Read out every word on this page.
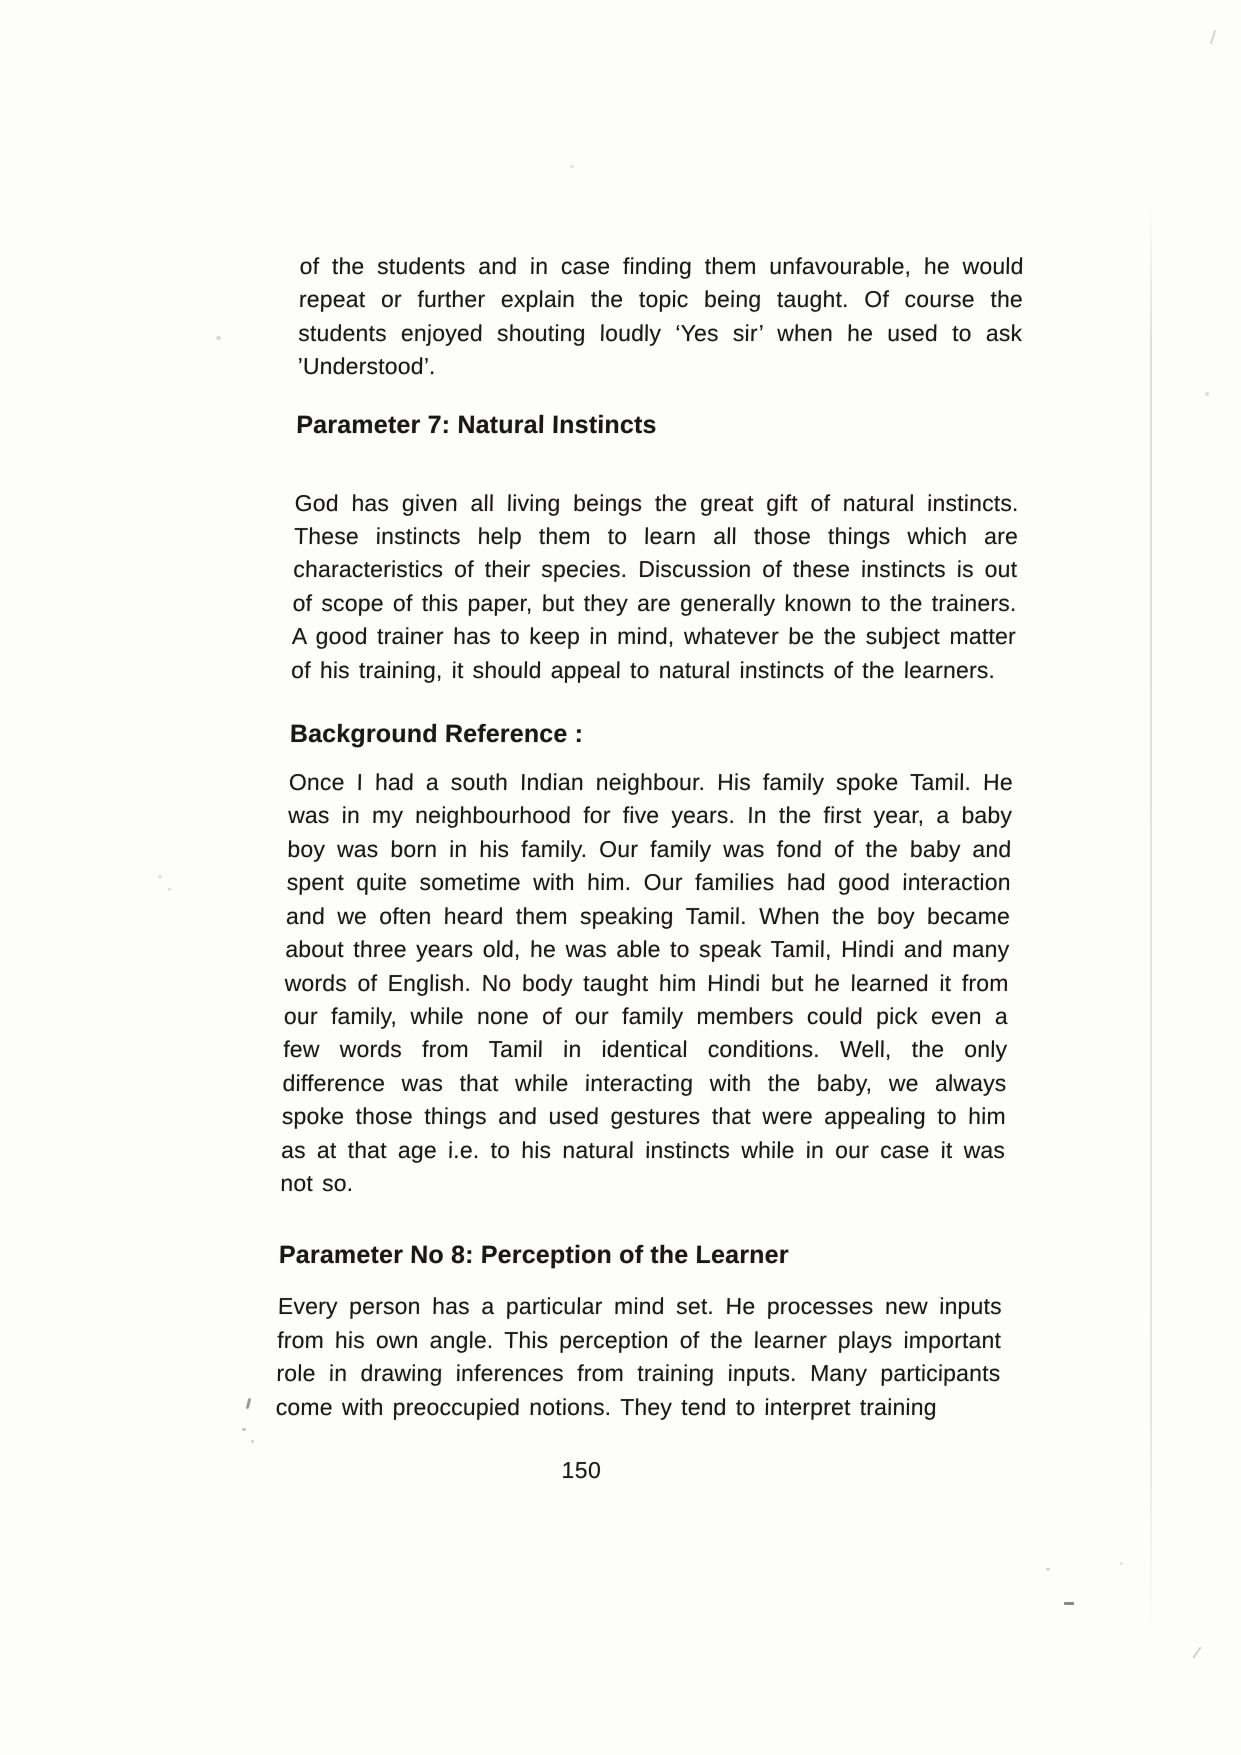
of the students and in case finding them unfavourable, he would repeat or further explain the topic being taught. Of course the students enjoyed shouting loudly ‘Yes sir’ when he used to ask ’Understood’.

Parameter 7: Natural Instincts

God has given all living beings the great gift of natural instincts. These instincts help them to learn all those things which are characteristics of their species. Discussion of these instincts is out of scope of this paper, but they are generally known to the trainers. A good trainer has to keep in mind, whatever be the subject matter of his training, it should appeal to natural instincts of the learners.

Background Reference :

Once I had a south Indian neighbour. His family spoke Tamil. He was in my neighbourhood for five years. In the first year, a baby boy was born in his family. Our family was fond of the baby and spent quite sometime with him. Our families had good interaction and we often heard them speaking Tamil. When the boy became about three years old, he was able to speak Tamil, Hindi and many words of English. No body taught him Hindi but he learned it from our family, while none of our family members could pick even a few words from Tamil in identical conditions. Well, the only difference was that while interacting with the baby, we always spoke those things and used gestures that were appealing to him as at that age i.e. to his natural instincts while in our case it was not so.

Parameter No 8: Perception of the Learner

Every person has a particular mind set. He processes new inputs from his own angle. This perception of the learner plays important role in drawing inferences from training inputs. Many participants come with preoccupied notions. They tend to interpret training

150
